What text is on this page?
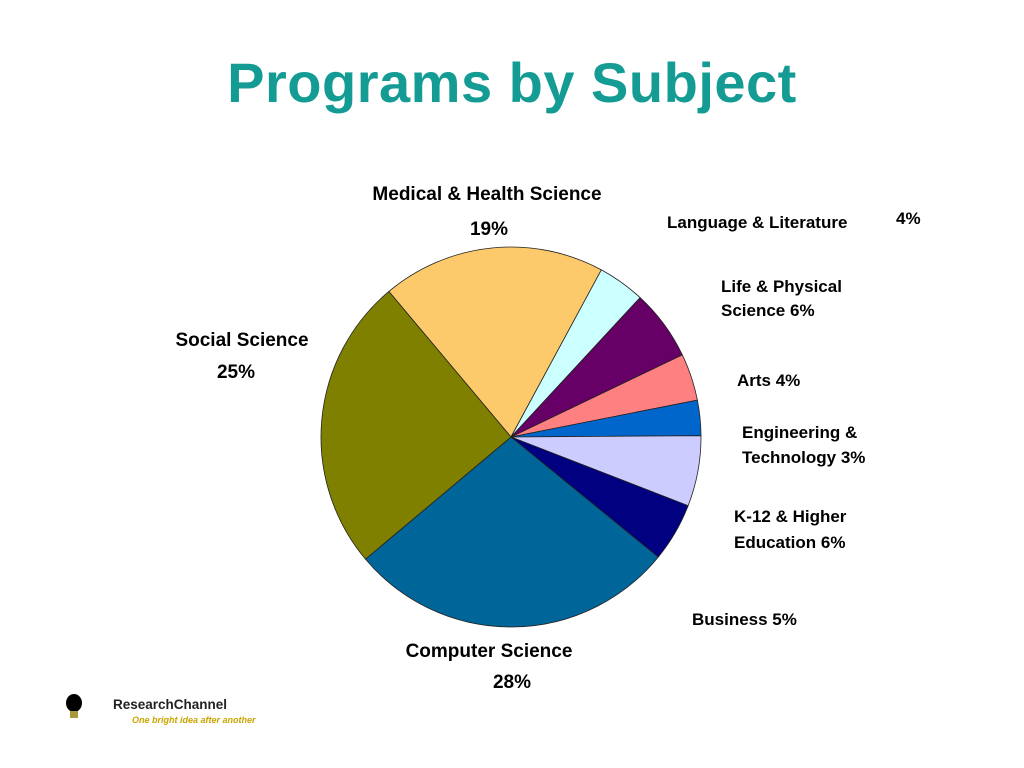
Programs by Subject
Medical & Health Science
19%	Language & Literature	4%
Life & Physical
Science 6%
Arts 4%
Engineering &
Technology 3%
K-12 & Higher
Education 6%
Business 5%
Computer Science
28%
Social Science
25%
ResearchChannel
One bright idea after another
